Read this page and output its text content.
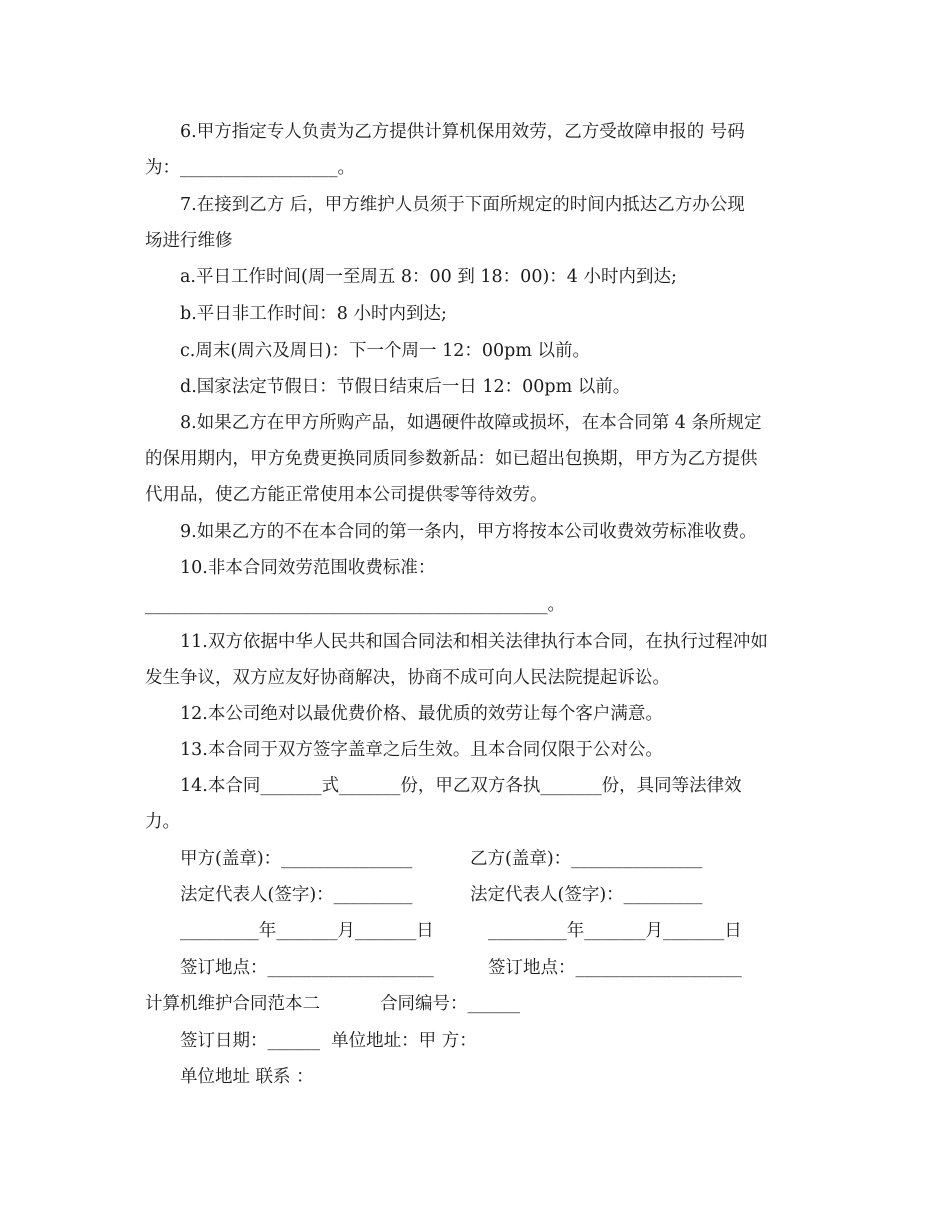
6.甲方指定专人负责为乙方提供计算机保用效劳，乙方受故障申报的 号码
为：__________________。
7.在接到乙方 后，甲方维护人员须于下面所规定的时间内抵达乙方办公现
场进行维修
a.平日工作时间(周一至周五 8：00 到 18：00)：4 小时内到达;
b.平日非工作时间：8 小时内到达;
c.周末(周六及周日)：下一个周一 12：00pm 以前。
d.国家法定节假日：节假日结束后一日 12：00pm 以前。
8.如果乙方在甲方所购产品，如遇硬件故障或损坏，在本合同第 4 条所规定
的保用期内，甲方免费更换同质同参数新品：如已超出包换期，甲方为乙方提供
代用品，使乙方能正常使用本公司提供零等待效劳。
9.如果乙方的不在本合同的第一条内，甲方将按本公司收费效劳标准收费。
10.非本合同效劳范围收费标准：
______________________________________________。
11.双方依据中华人民共和国合同法和相关法律执行本合同，在执行过程冲如
发生争议，双方应友好协商解决，协商不成可向人民法院提起诉讼。
12.本公司绝对以最优费价格、最优质的效劳让每个客户满意。
13.本合同于双方签字盖章之后生效。且本合同仅限于公对公。
14.本合同_______式_______份，甲乙双方各执_______份，具同等法律效
力。
甲方(盖章)：_______________	乙方(盖章)：_______________
法定代表人(签字)：_________	法定代表人(签字)：_________
_________年_______月_______日	_________年_______月_______日
签订地点：___________________	签订地点：___________________
计算机维护合同范本二	合同编号：______
签订日期：______ 单位地址：甲 方：
单位地址 联系 ：
